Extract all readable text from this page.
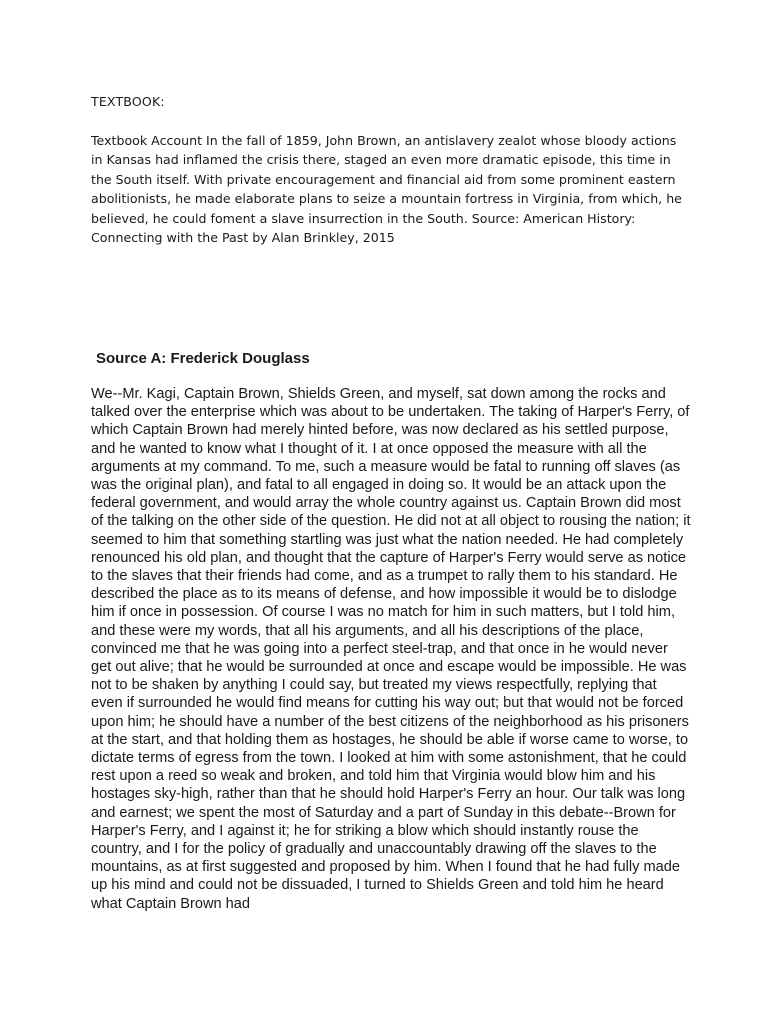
TEXTBOOK:

Textbook Account In the fall of 1859, John Brown, an antislavery zealot whose bloody actions in Kansas had inflamed the crisis there, staged an even more dramatic episode, this time in the South itself. With private encouragement and financial aid from some prominent eastern abolitionists, he made elaborate plans to seize a mountain fortress in Virginia, from which, he believed, he could foment a slave insurrection in the South. Source: American History: Connecting with the Past by Alan Brinkley, 2015

Source A: Frederick Douglass

We--Mr. Kagi, Captain Brown, Shields Green, and myself, sat down among the rocks and talked over the enterprise which was about to be undertaken. The taking of Harper's Ferry, of which Captain Brown had merely hinted before, was now declared as his settled purpose, and he wanted to know what I thought of it. I at once opposed the measure with all the arguments at my command. To me, such a measure would be fatal to running off slaves (as was the original plan), and fatal to all engaged in doing so. It would be an attack upon the federal government, and would array the whole country against us. Captain Brown did most of the talking on the other side of the question. He did not at all object to rousing the nation; it seemed to him that something startling was just what the nation needed. He had completely renounced his old plan, and thought that the capture of Harper's Ferry would serve as notice to the slaves that their friends had come, and as a trumpet to rally them to his standard. He described the place as to its means of defense, and how impossible it would be to dislodge him if once in possession. Of course I was no match for him in such matters, but I told him, and these were my words, that all his arguments, and all his descriptions of the place, convinced me that he was going into a perfect steel-trap, and that once in he would never get out alive; that he would be surrounded at once and escape would be impossible. He was not to be shaken by anything I could say, but treated my views respectfully, replying that even if surrounded he would find means for cutting his way out; but that would not be forced upon him; he should have a number of the best citizens of the neighborhood as his prisoners at the start, and that holding them as hostages, he should be able if worse came to worse, to dictate terms of egress from the town. I looked at him with some astonishment, that he could rest upon a reed so weak and broken, and told him that Virginia would blow him and his hostages sky-high, rather than that he should hold Harper's Ferry an hour. Our talk was long and earnest; we spent the most of Saturday and a part of Sunday in this debate--Brown for Harper's Ferry, and I against it; he for striking a blow which should instantly rouse the country, and I for the policy of gradually and unaccountably drawing off the slaves to the mountains, as at first suggested and proposed by him. When I found that he had fully made up his mind and could not be dissuaded, I turned to Shields Green and told him he heard what Captain Brown had
